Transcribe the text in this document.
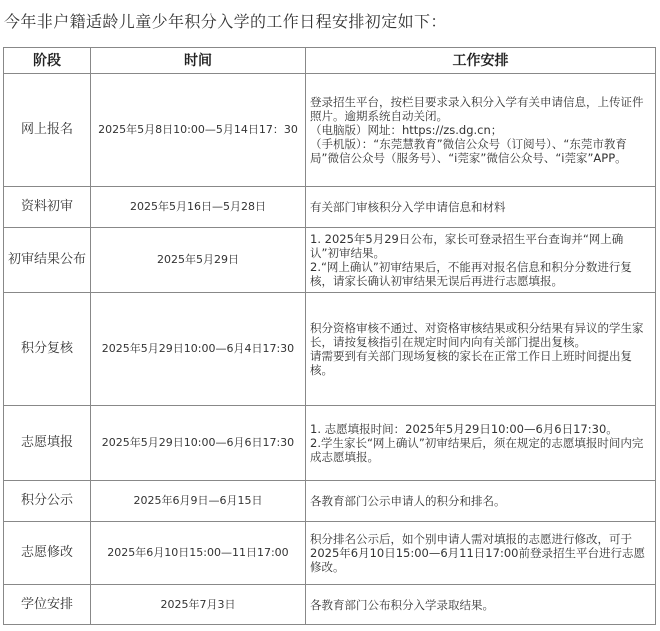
今年非户籍适龄儿童少年积分入学的工作日程安排初定如下：
阶段	时间	工作安排
网上报名	2025年5月8日10:00—5月14日17：30	登录招生平台，按栏目要求录入积分入学有关申请信息，上传证件照片。逾期系统自动关闭。
（电脑版）网址：https://zs.dg.cn；
（手机版）：“东莞慧教育”微信公众号（订阅号）、“东莞市教育局”微信公众号（服务号）、“i莞家”微信公众号、“i莞家”APP。

资料初审	2025年5月16日—5月28日	有关部门审核积分入学申请信息和材料

初审结果公布	2025年5月29日	1. 2025年5月29日公布，家长可登录招生平台查询并“网上确认”初审结果。
2.“网上确认”初审结果后，不能再对报名信息和积分分数进行复核，请家长确认初审结果无误后再进行志愿填报。

积分复核	2025年5月29日10:00—6月4日17:30	积分资格审核不通过、对资格审核结果或积分结果有异议的学生家长，请按复核指引在规定时间内向有关部门提出复核。
请需要到有关部门现场复核的家长在正常工作日上班时间提出复核。

志愿填报	2025年5月29日10:00—6月6日17:30	1. 志愿填报时间：2025年5月29日10:00—6月6日17:30。
2.学生家长“网上确认”初审结果后，须在规定的志愿填报时间内完成志愿填报。

积分公示	2025年6月9日—6月15日	各教育部门公示申请人的积分和排名。

志愿修改	2025年6月10日15:00—11日17:00	积分排名公示后，如个别申请人需对填报的志愿进行修改，可于2025年6月10日15:00—6月11日17:00前登录招生平台进行志愿修改。

学位安排	2025年7月3日	各教育部门公布积分入学录取结果。
